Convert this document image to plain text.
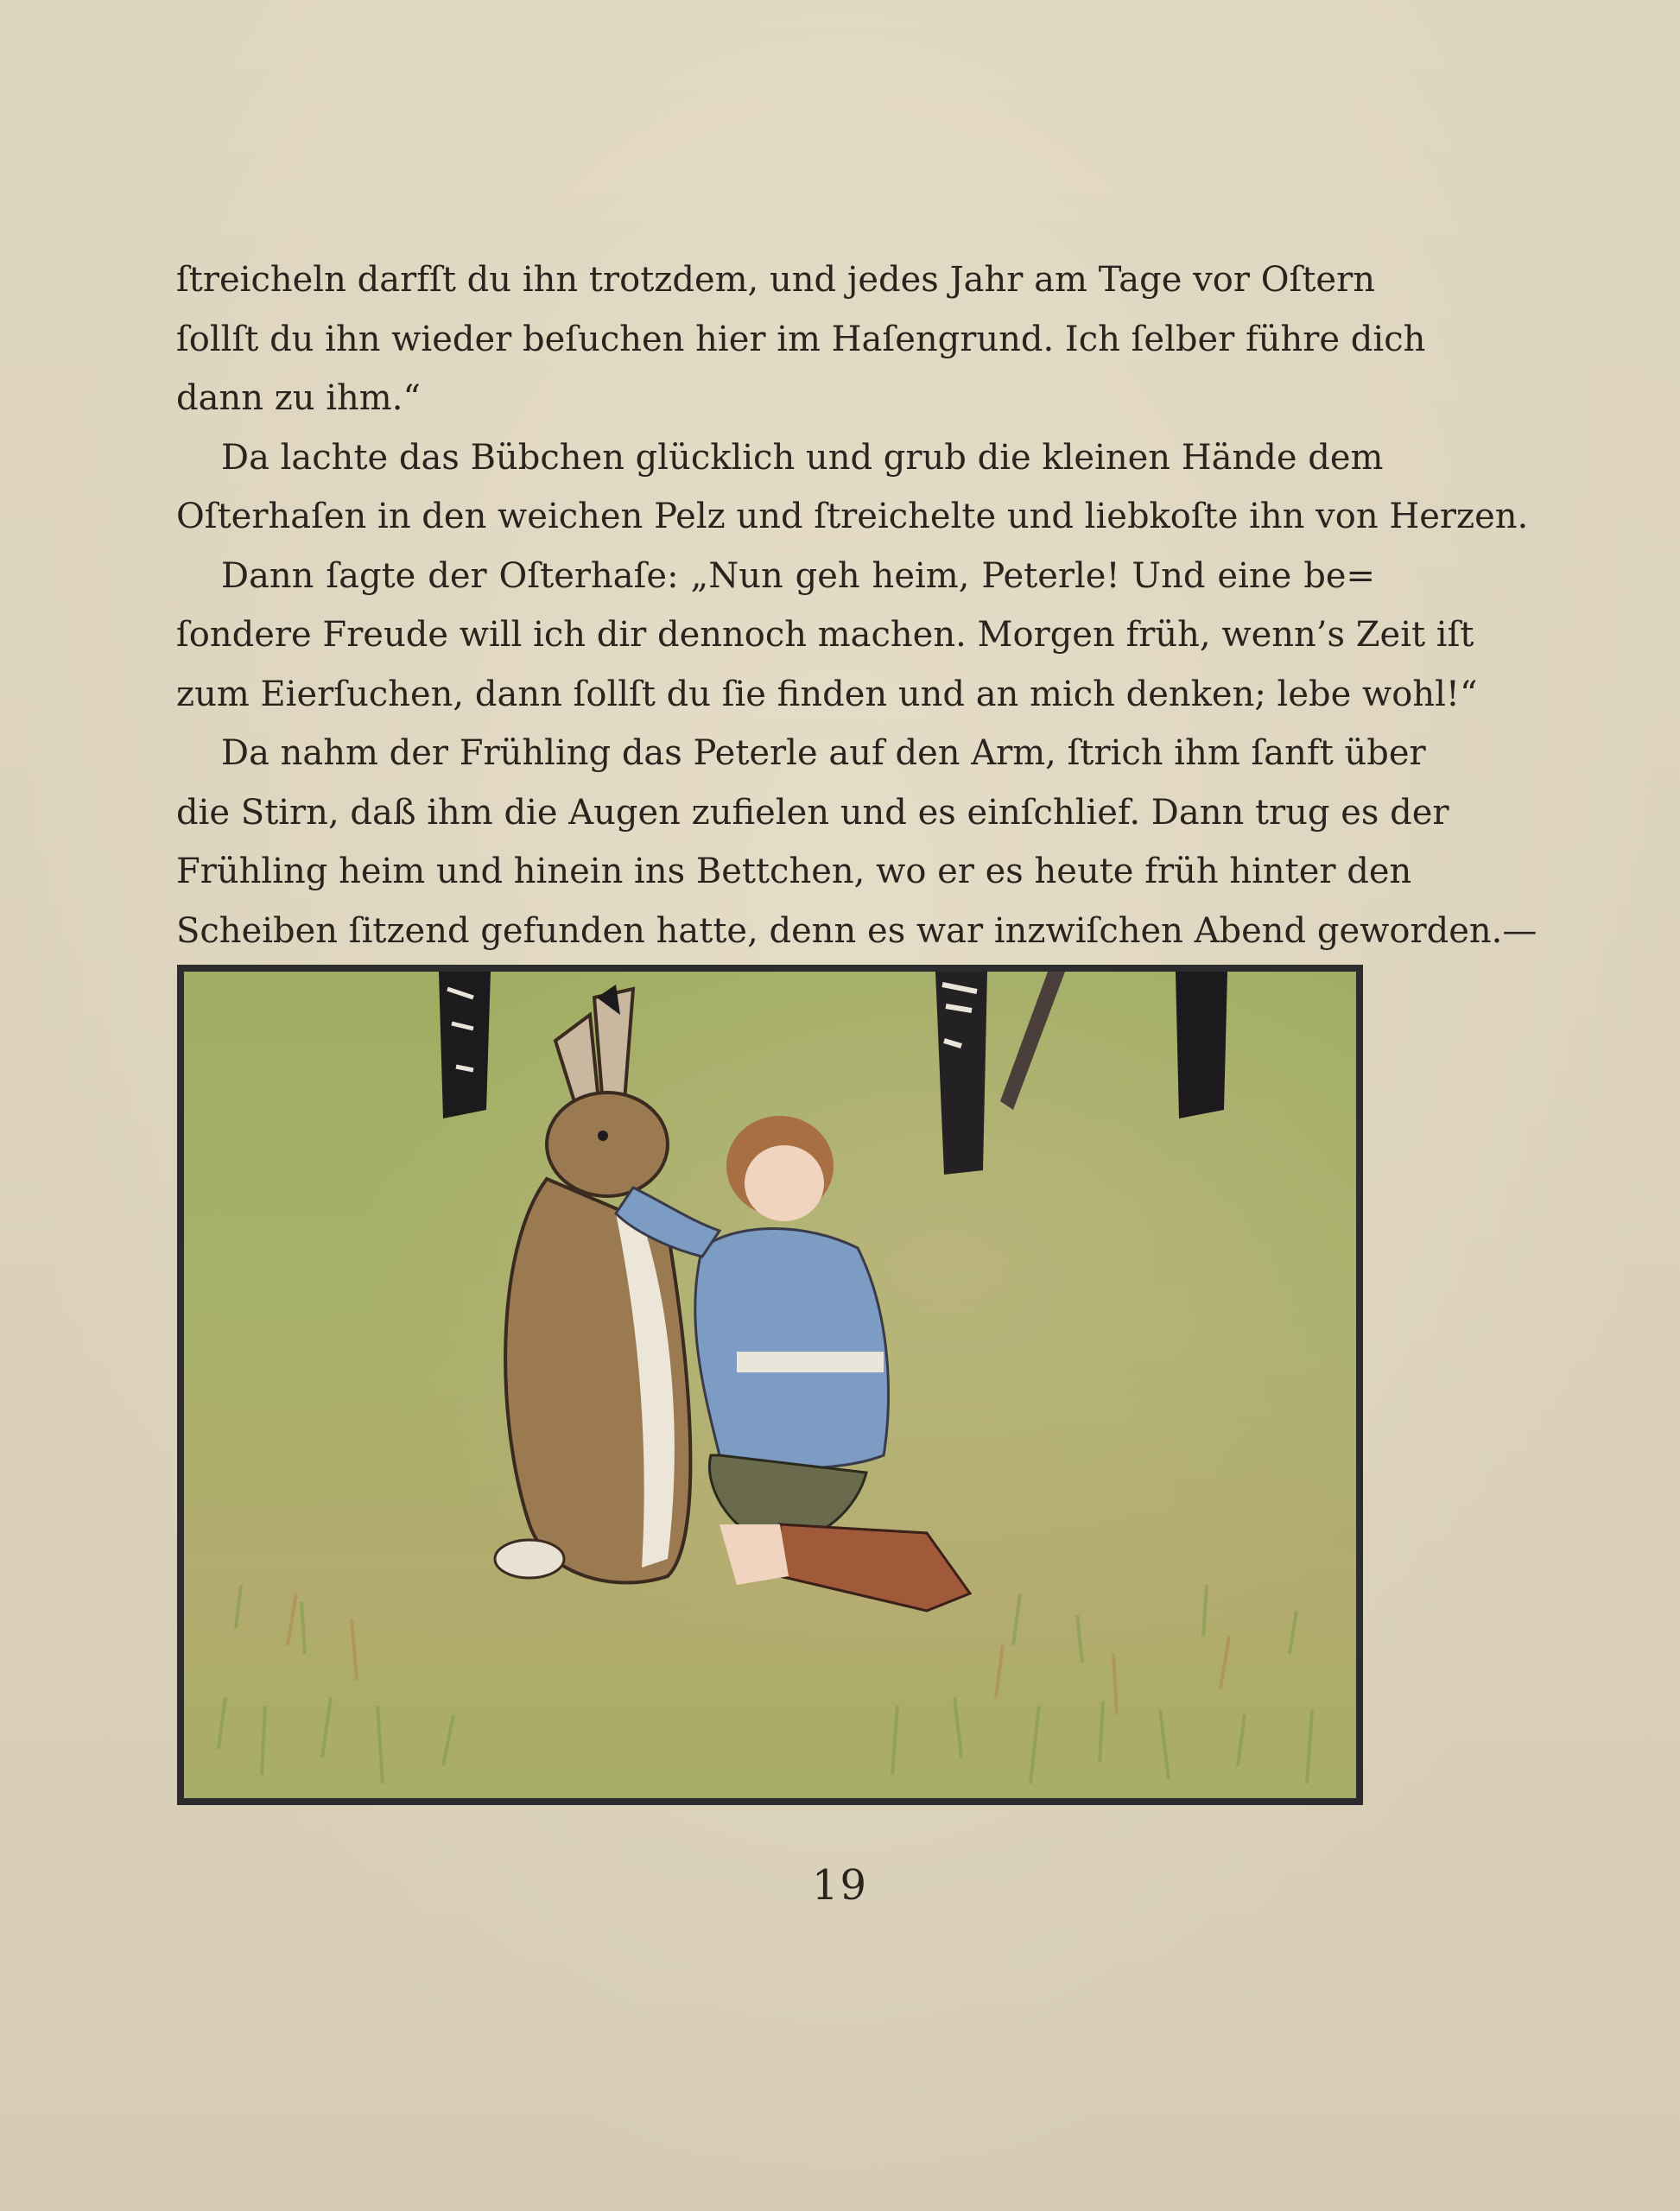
ſtreicheln darfſt du ihn trotzdem, und jedes Jahr am Tage vor Oſtern
ſollſt du ihn wieder beſuchen hier im Haſengrund. Ich ſelber führe dich
dann zu ihm.“
Da lachte das Bübchen glücklich und grub die kleinen Hände dem
Oſterhaſen in den weichen Pelz und ſtreichelte und liebkoſte ihn von Herzen.
Dann ſagte der Oſterhaſe: „Nun geh heim, Peterle! Und eine be=
ſondere Freude will ich dir dennoch machen. Morgen früh, wenn’s Zeit iſt
zum Eierſuchen, dann ſollſt du ſie finden und an mich denken; lebe wohl!“
Da nahm der Frühling das Peterle auf den Arm, ſtrich ihm ſanft über
die Stirn, daß ihm die Augen zufielen und es einſchlief. Dann trug es der
Frühling heim und hinein ins Bettchen, wo er es heute früh hinter den
Scheiben ſitzend gefunden hatte, denn es war inzwiſchen Abend geworden.—
19
